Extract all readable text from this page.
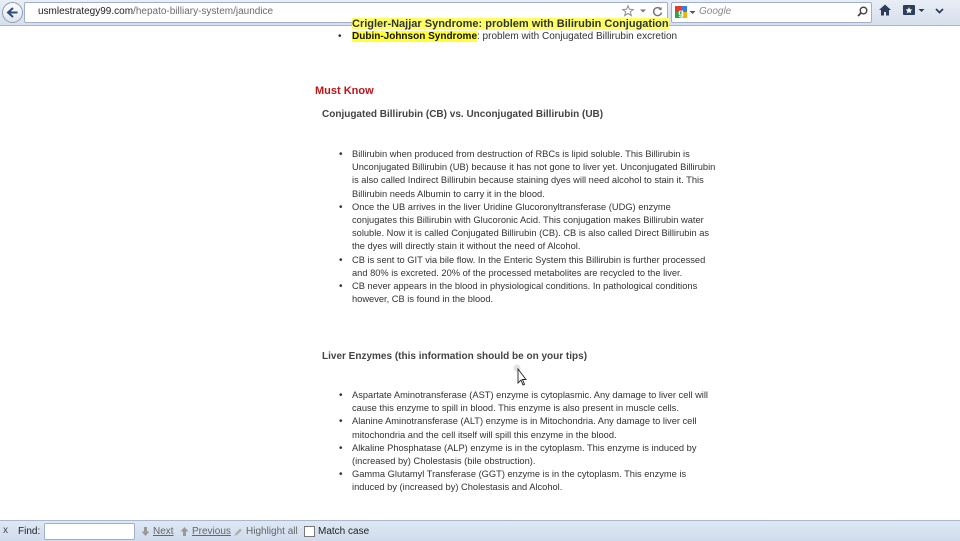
usmlestrategy99.com/hepato-billiary-system/jaundice	g Google
Crigler-Najjar Syndrome: problem with Bilirubin Conjugation
• Dubin-Johnson Syndrome: problem with Conjugated Billirubin excretion
Must Know
Conjugated Billirubin (CB) vs. Unconjugated Billirubin (UB)
• Billirubin when produced from destruction of RBCs is lipid soluble. This Billirubin is Unconjugated Billirubin (UB) because it has not gone to liver yet. Unconjugated Billirubin is also called Indirect Billirubin because staining dyes will need alcohol to stain it. This Billirubin needs Albumin to carry it in the blood.
• Once the UB arrives in the liver Uridine Glucoronyltransferase (UDG) enzyme conjugates this Billirubin with Glucoronic Acid. This conjugation makes Billirubin water soluble. Now it is called Conjugated Billirubin (CB). CB is also called Direct Billirubin as the dyes will directly stain it without the need of Alcohol.
• CB is sent to GIT via bile flow. In the Enteric System this Billirubin is further processed and 80% is excreted. 20% of the processed metabolites are recycled to the liver.
• CB never appears in the blood in physiological conditions. In pathological conditions however, CB is found in the blood.
Liver Enzymes (this information should be on your tips)
• Aspartate Aminotransferase (AST) enzyme is cytoplasmic. Any damage to liver cell will cause this enzyme to spill in blood. This enzyme is also present in muscle cells.
• Alanine Aminotransferase (ALT) enzyme is in Mitochondria. Any damage to liver cell mitochondria and the cell itself will spill this enzyme in the blood.
• Alkaline Phosphatase (ALP) enzyme is in the cytoplasm. This enzyme is induced by (increased by) Cholestasis (bile obstruction).
• Gamma Glutamyl Transferase (GGT) enzyme is in the cytoplasm. This enzyme is induced by (increased by) Cholestasis and Alcohol.
x Find:	Next Previous Highlight all Match case
